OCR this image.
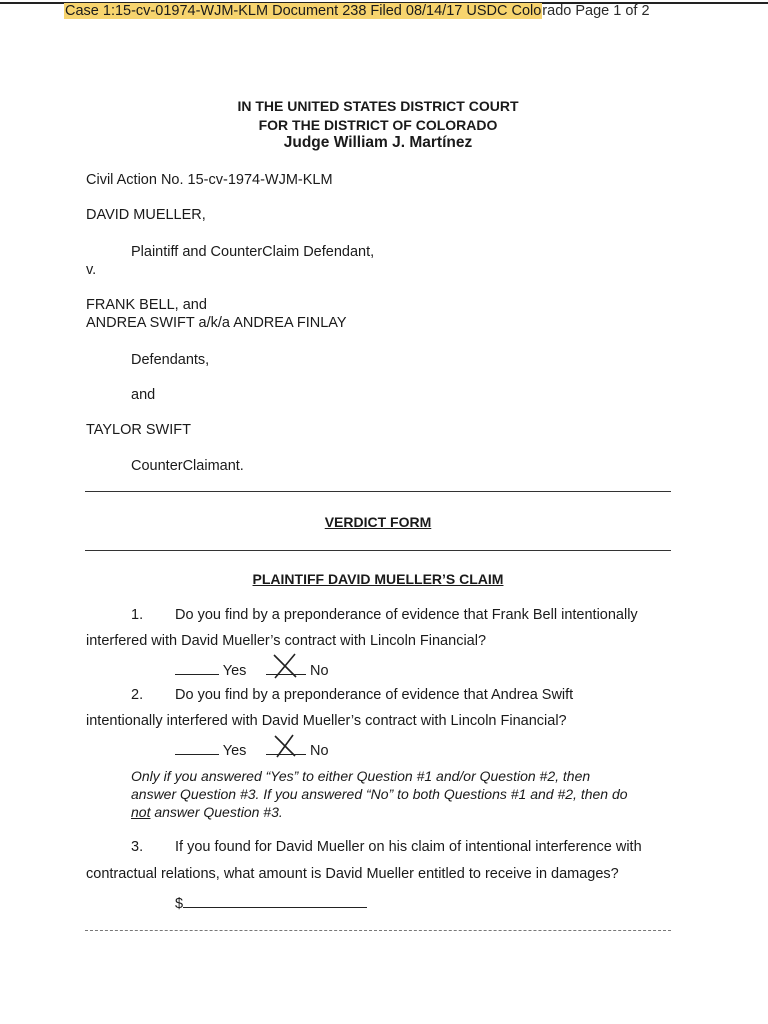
Case 1:15-cv-01974-WJM-KLM Document 238 Filed 08/14/17 USDC Colorado Page 1 of 2
IN THE UNITED STATES DISTRICT COURT
FOR THE DISTRICT OF COLORADO
Judge William J. Martínez
Civil Action No. 15-cv-1974-WJM-KLM
DAVID MUELLER,
Plaintiff and CounterClaim Defendant,
v.
FRANK BELL, and
ANDREA SWIFT a/k/a ANDREA FINLAY
Defendants,
and
TAYLOR SWIFT
CounterClaimant.
VERDICT FORM
PLAINTIFF DAVID MUELLER’S CLAIM
1. Do you find by a preponderance of evidence that Frank Bell intentionally
interfered with David Mueller’s contract with Lincoln Financial?
Yes	No
2. Do you find by a preponderance of evidence that Andrea Swift
intentionally interfered with David Mueller’s contract with Lincoln Financial?
Yes	No
Only if you answered “Yes” to either Question #1 and/or Question #2, then
answer Question #3. If you answered “No” to both Questions #1 and #2, then do
not answer Question #3.
3. If you found for David Mueller on his claim of intentional interference with
contractual relations, what amount is David Mueller entitled to receive in damages?
$
